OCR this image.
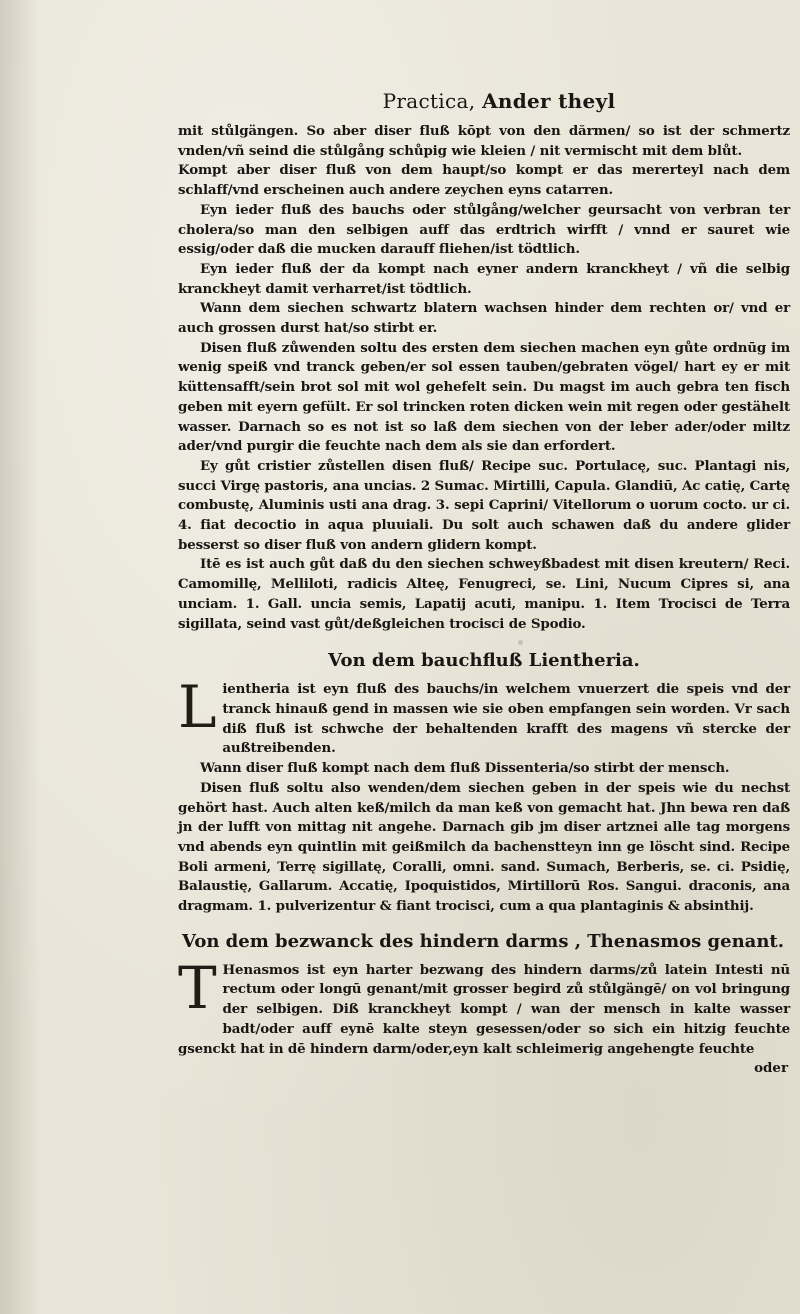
Practica, Ander theyl

mit stůlgängen. So aber diser fluß kōpt von den dărmen/ so ist der schmertz vnden/vñ seind die stůlgång schůpig wie kleien / nit vermischt mit dem blůt.

Kompt aber diser fluß von dem haupt/so kompt er das mererteyl nach dem schlaff/vnd erscheinen auch andere zeychen eyns catarren.

Eyn ieder fluß des bauchs oder stůlgång/welcher geursacht von verbran ter cholera/so man den selbigen auff das erdtrich wirfft / vnnd er sauret wie essig/oder daß die mucken darauff fliehen/ist tödtlich.

Eyn ieder fluß der da kompt nach eyner andern kranckheyt / vñ die selbig kranckheyt damit verharret/ist tödtlich.

Wann dem siechen schwartz blatern wachsen hinder dem rechten or/ vnd er auch grossen durst hat/so stirbt er.

Disen fluß zůwenden soltu des ersten dem siechen machen eyn gůte ordnūg im wenig speiß vnd tranck geben/er sol essen tauben/gebraten vögel/ hart ey er mit küttensafft/sein brot sol mit wol gehefelt sein. Du magst im auch gebra ten fisch geben mit eyern gefült. Er sol trincken roten dicken wein mit regen oder gestähelt wasser. Darnach so es not ist so laß dem siechen von der leber ader/oder miltz ader/vnd purgir die feuchte nach dem als sie dan erfordert.

Ey gůt cristier zůstellen disen fluß/ Recipe suc. Portulacę, suc. Plantagi nis, succi Virgę pastoris, ana uncias. 2 Sumac. Mirtilli, Capula. Glandiū, Ac catię, Cartę combustę, Aluminis usti ana drag. 3. sepi Caprini/ Vitellorum o uorum cocto. ur ci. 4. fiat decoctio in aqua pluuiali. Du solt auch schawen daß du andere glider besserst so diser fluß von andern glidern kompt.

Itē es ist auch gůt daß du den siechen schweyßbadest mit disen kreutern/ Reci. Camomillę, Melliloti, radicis Alteę, Fenugreci, se. Lini, Nucum Cipres si, ana unciam. 1. Gall. uncia semis, Lapatij acuti, manipu. 1. Item Trocisci de Terra sigillata, seind vast gůt/deßgleichen trocisci de Spodio.

Von dem bauchfluß Lientheria.

Lientheria ist eyn fluß des bauchs/in welchem vnuerzert die speis vnd der tranck hinauß gend in massen wie sie oben empfangen sein worden. Vr sach diß fluß ist schwche der behaltenden krafft des magens vñ stercke der außtreibenden.

Wann diser fluß kompt nach dem fluß Dissenteria/so stirbt der mensch.

Disen fluß soltu also wenden/dem siechen geben in der speis wie du nechst gehört hast. Auch alten keß/milch da man keß von gemacht hat. Jhn bewa ren daß jn der lufft von mittag nit angehe. Darnach gib jm diser artznei alle tag morgens vnd abends eyn quintlin mit geißmilch da bachenstteyn inn ge löscht sind. Recipe Boli armeni, Terrę sigillatę, Coralli, omni. sand. Sumach, Berberis, se. ci. Psidię, Balaustię, Gallarum. Accatię, Ipoquistidos, Mirtillorū Ros. Sangui. draconis, ana dragmam. 1. pulverizentur & fiant trocisci, cum a qua plantaginis & absinthij.

Von dem bezwanck des hindern darms , Thenasmos genant.

T Henasmos ist eyn harter bezwang des hindern darms/zů latein Intesti nū rectum oder longū genant/mit grosser begird zů stůlgängē/ on vol bringung der selbigen. Diß kranckheyt kompt / wan der mensch in kalte wasser badt/oder auff eynē kalte steyn gesessen/oder so sich ein hitzig feuchte gsenckt hat in dē hindern darm/oder,eyn kalt schleimerig angehengte feuchte

oder
